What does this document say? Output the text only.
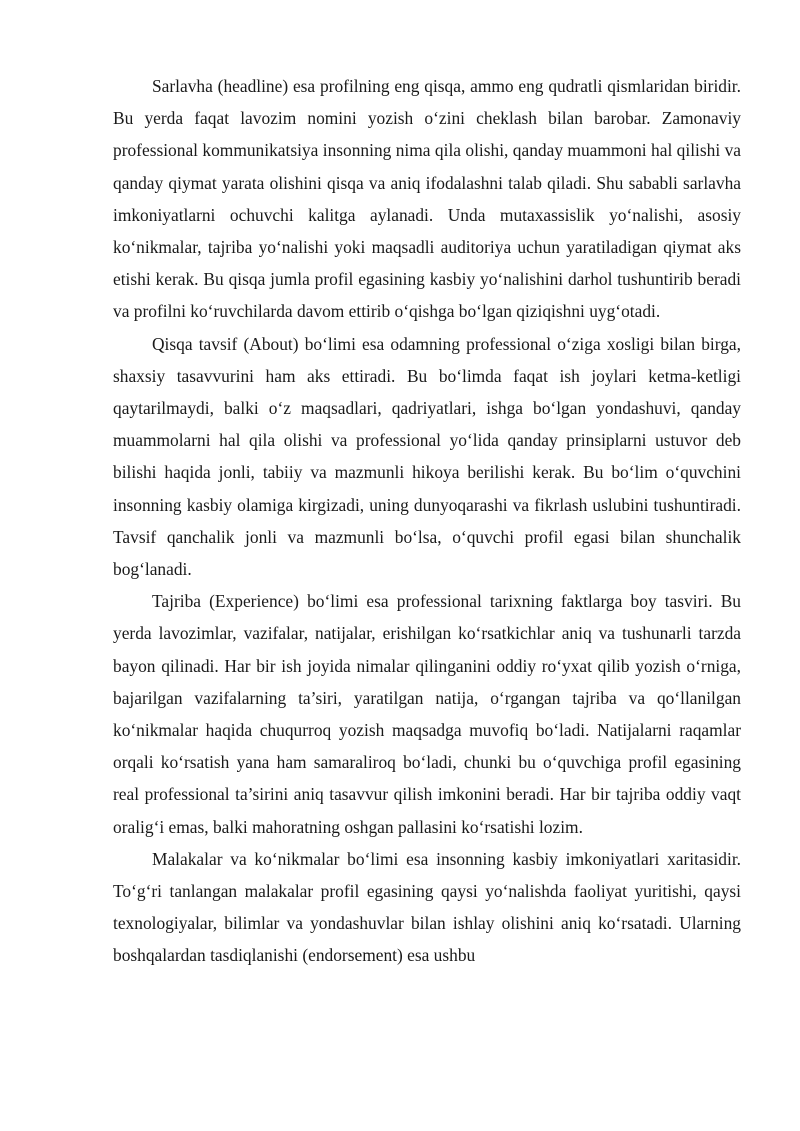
Sarlavha (headline) esa profilning eng qisqa, ammo eng qudratli qismlaridan biridir. Bu yerda faqat lavozim nomini yozish o‘zini cheklash bilan barobar. Zamonaviy professional kommunikatsiya insonning nima qila olishi, qanday muammoni hal qilishi va qanday qiymat yarata olishini qisqa va aniq ifodalashni talab qiladi. Shu sababli sarlavha imkoniyatlarni ochuvchi kalitga aylanadi. Unda mutaxassislik yo‘nalishi, asosiy ko‘nikmalar, tajriba yo‘nalishi yoki maqsadli auditoriya uchun yaratiladigan qiymat aks etishi kerak. Bu qisqa jumla profil egasining kasbiy yo‘nalishini darhol tushuntirib beradi va profilni ko‘ruvchilarda davom ettirib o‘qishga bo‘lgan qiziqishni uyg‘otadi.

Qisqa tavsif (About) bo‘limi esa odamning professional o‘ziga xosligi bilan birga, shaxsiy tasavvurini ham aks ettiradi. Bu bo‘limda faqat ish joylari ketma-ketligi qaytarilmaydi, balki o‘z maqsadlari, qadriyatlari, ishga bo‘lgan yondashuvi, qanday muammolarni hal qila olishi va professional yo‘lida qanday prinsiplarni ustuvor deb bilishi haqida jonli, tabiiy va mazmunli hikoya berilishi kerak. Bu bo‘lim o‘quvchini insonning kasbiy olamiga kirgizadi, uning dunyoqarashi va fikrlash uslubini tushuntiradi. Tavsif qanchalik jonli va mazmunli bo‘lsa, o‘quvchi profil egasi bilan shunchalik bog‘lanadi.

Tajriba (Experience) bo‘limi esa professional tarixning faktlarga boy tasviri. Bu yerda lavozimlar, vazifalar, natijalar, erishilgan ko‘rsatkichlar aniq va tushunarli tarzda bayon qilinadi. Har bir ish joyida nimalar qilinganini oddiy ro‘yxat qilib yozish o‘rniga, bajarilgan vazifalarning ta’siri, yaratilgan natija, o‘rgangan tajriba va qo‘llanilgan ko‘nikmalar haqida chuqurroq yozish maqsadga muvofiq bo‘ladi. Natijalarni raqamlar orqali ko‘rsatish yana ham samaraliroq bo‘ladi, chunki bu o‘quvchiga profil egasining real professional ta’sirini aniq tasavvur qilish imkonini beradi. Har bir tajriba oddiy vaqt oralig‘i emas, balki mahoratning oshgan pallasini ko‘rsatishi lozim.

Malakalar va ko‘nikmalar bo‘limi esa insonning kasbiy imkoniyatlari xaritasidir. To‘g‘ri tanlangan malakalar profil egasining qaysi yo‘nalishda faoliyat yuritishi, qaysi texnologiyalar, bilimlar va yondashuvlar bilan ishlay olishini aniq ko‘rsatadi. Ularning boshqalardan tasdiqlanishi (endorsement) esa ushbu
